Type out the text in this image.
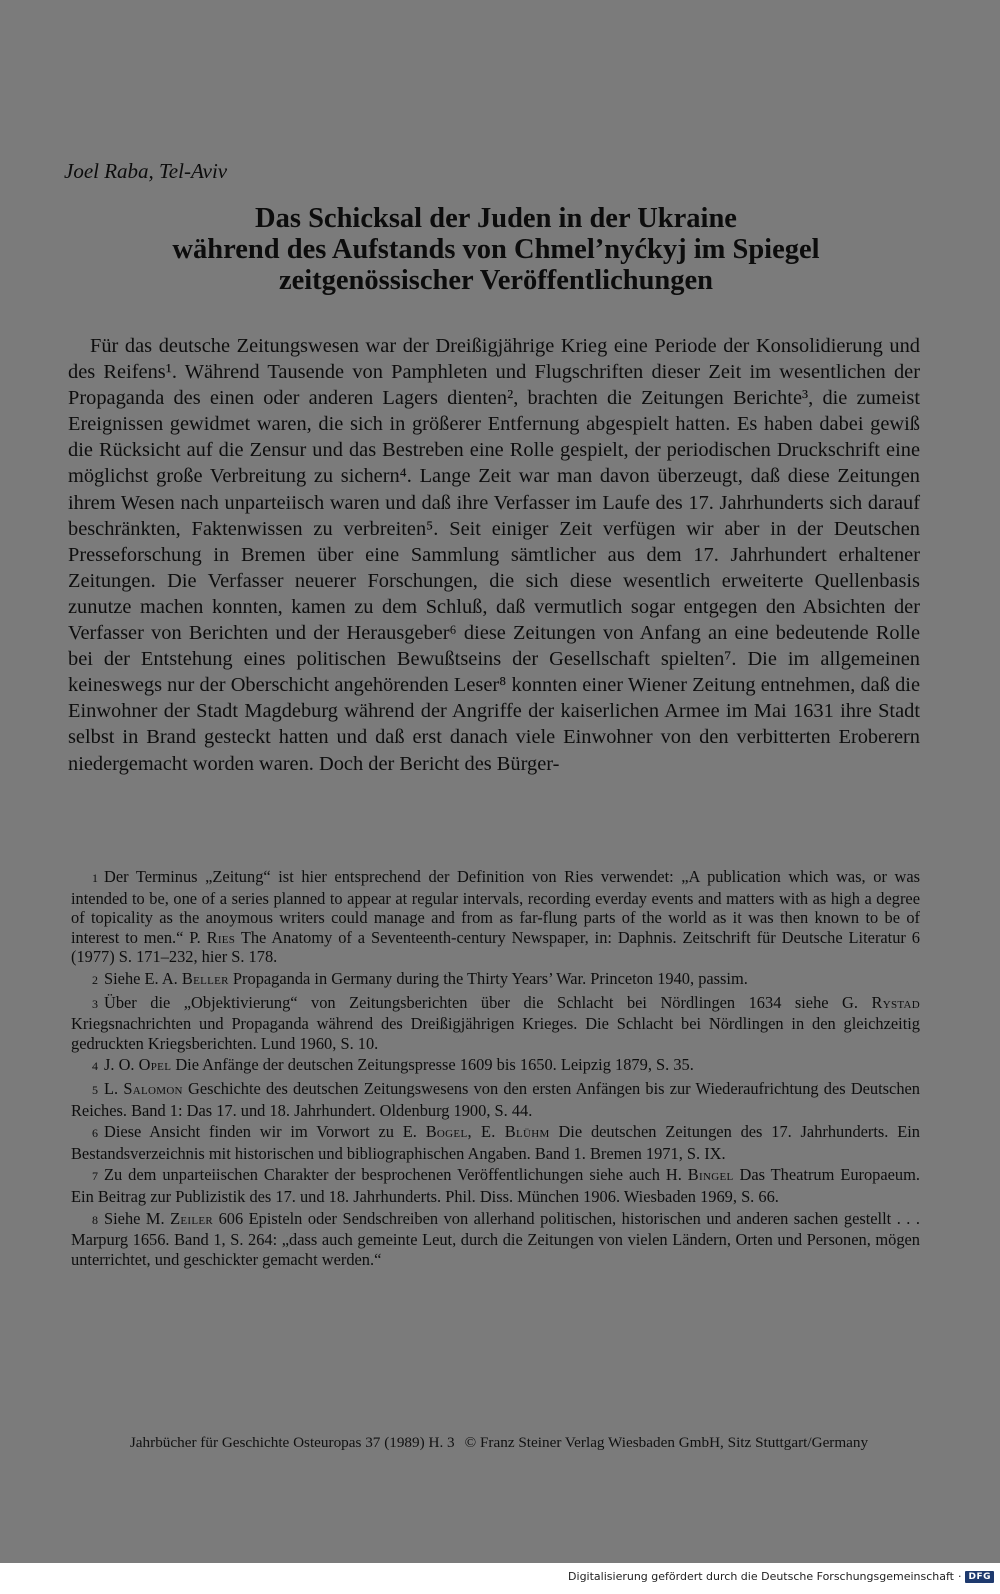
Joel Raba, Tel-Aviv
Das Schicksal der Juden in der Ukraine
während des Aufstands von Chmel’nyćkyj im Spiegel
zeitgenössischer Veröffentlichungen

Für das deutsche Zeitungswesen war der Dreißigjährige Krieg eine Periode der Konsolidierung und des Reifens¹. Während Tausende von Pamphleten und Flugschriften dieser Zeit im wesentlichen der Propaganda des einen oder anderen Lagers dienten², brachten die Zeitungen Berichte³, die zumeist Ereignissen gewidmet waren, die sich in größerer Entfernung abgespielt hatten. Es haben dabei gewiß die Rücksicht auf die Zensur und das Bestreben eine Rolle gespielt, der periodischen Druckschrift eine möglichst große Verbreitung zu sichern⁴. Lange Zeit war man davon überzeugt, daß diese Zeitungen ihrem Wesen nach unparteiisch waren und daß ihre Verfasser im Laufe des 17. Jahrhunderts sich darauf beschränkten, Faktenwissen zu verbreiten⁵. Seit einiger Zeit verfügen wir aber in der Deutschen Presseforschung in Bremen über eine Sammlung sämtlicher aus dem 17. Jahrhundert erhaltener Zeitungen. Die Verfasser neuerer Forschungen, die sich diese wesentlich erweiterte Quellenbasis zunutze machen konnten, kamen zu dem Schluß, daß vermutlich sogar entgegen den Absichten der Verfasser von Berichten und der Herausgeber⁶ diese Zeitungen von Anfang an eine bedeutende Rolle bei der Entstehung eines politischen Bewußtseins der Gesellschaft spielten⁷. Die im allgemeinen keineswegs nur der Oberschicht angehörenden Leser⁸ konnten einer Wiener Zeitung entnehmen, daß die Einwohner der Stadt Magdeburg während der Angriffe der kaiserlichen Armee im Mai 1631 ihre Stadt selbst in Brand gesteckt hatten und daß erst danach viele Einwohner von den verbitterten Eroberern niedergemacht worden waren. Doch der Bericht des Bürger-

1 Der Terminus „Zeitung“ ist hier entsprechend der Definition von Ries verwendet: „A publication which was, or was intended to be, one of a series planned to appear at regular intervals, recording everday events and matters with as high a degree of topicality as the anoymous writers could manage and from as far-flung parts of the world as it was then known to be of interest to men.“ P. Ries The Anatomy of a Seventeenth-century Newspaper, in: Daphnis. Zeitschrift für Deutsche Literatur 6 (1977) S. 171–232, hier S. 178.

2 Siehe E. A. Beller Propaganda in Germany during the Thirty Years’ War. Princeton 1940, passim.

3 Über die „Objektivierung“ von Zeitungsberichten über die Schlacht bei Nördlingen 1634 siehe G. Rystad Kriegsnachrichten und Propaganda während des Dreißigjährigen Krieges. Die Schlacht bei Nördlingen in den gleichzeitig gedruckten Kriegsberichten. Lund 1960, S. 10.

4 J. O. Opel Die Anfänge der deutschen Zeitungspresse 1609 bis 1650. Leipzig 1879, S. 35.

5 L. Salomon Geschichte des deutschen Zeitungswesens von den ersten Anfängen bis zur Wiederaufrichtung des Deutschen Reiches. Band 1: Das 17. und 18. Jahrhundert. Oldenburg 1900, S. 44.

6 Diese Ansicht finden wir im Vorwort zu E. Bogel, E. Blühm Die deutschen Zeitungen des 17. Jahrhunderts. Ein Bestandsverzeichnis mit historischen und bibliographischen Angaben. Band 1. Bremen 1971, S. IX.

7 Zu dem unparteiischen Charakter der besprochenen Veröffentlichungen siehe auch H. Bingel Das Theatrum Europaeum. Ein Beitrag zur Publizistik des 17. und 18. Jahrhunderts. Phil. Diss. München 1906. Wiesbaden 1969, S. 66.

8 Siehe M. Zeiler 606 Episteln oder Sendschreiben von allerhand politischen, historischen und anderen sachen gestellt . . . Marpurg 1656. Band 1, S. 264: „dass auch gemeinte Leut, durch die Zeitungen von vielen Ländern, Orten und Personen, mögen unterrichtet, und geschickter gemacht werden.“

Jahrbücher für Geschichte Osteuropas 37 (1989) H. 3 © Franz Steiner Verlag Wiesbaden GmbH, Sitz Stuttgart/Germany
Digitalisierung gefördert durch die Deutsche Forschungsgemeinschaft · DFG
